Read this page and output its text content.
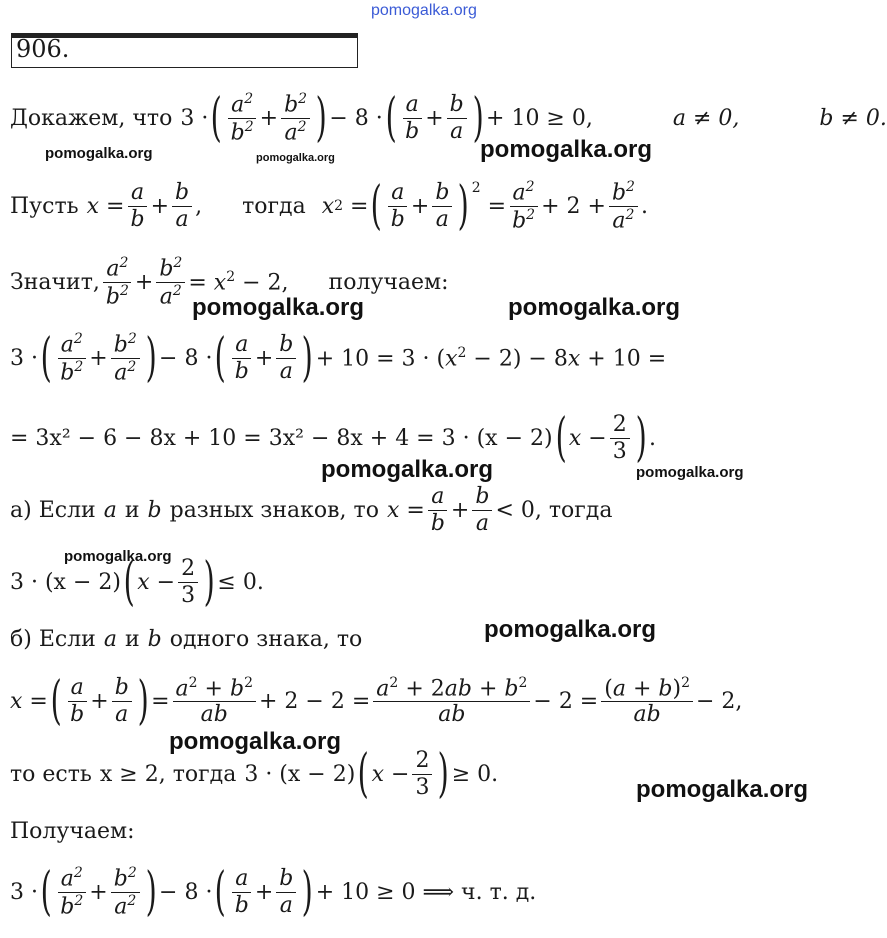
pomogalka.org
pomogalka.org	pomogalka.org	pomogalka.org
pomogalka.org	pomogalka.org
pomogalka.org	pomogalka.org
pomogalka.org
pomogalka.org
pomogalka.org
pomogalka.org
906.
Докажем, что 3 · ( $\frac{a^2}{b^2} + \frac{b^2}{a^2}$ ) − 8 · ( $\frac{a}{b} + \frac{b}{a}$ ) + 10 ≥ 0,	a ≠ 0,	b ≠ 0.
Пусть $x = \frac{a}{b} + \frac{b}{a}$ , тогда x 2 = ( $\frac{a}{b} + \frac{b}{a} )^2$
= $\frac{a^2}{b^2} + 2 + \frac{b^2}{a^2}$ .
Значит, $\frac{a^2}{b^2} + \frac{b^2}{a^2} = x^2 - 2$, получаем:
3 · ( $\frac{a^2}{b^2} + \frac{b^2}{a^2}$ ) − 8 · ( $\frac{a}{b} + \frac{b}{a}$ ) + $10 = 3 \cdot (x^2 - 2) - 8x + 10$ =
= 3x² − 6 − 8x + 10 = 3x² − 8x + 4 = 3 · (x − 2) ( $x - \frac{2}{3}$ ) .
а) Если a и b разных знаков, то $x = \frac{a}{b} + \frac{b}{a} < 0$, тогда
3 · (x − 2) ( $x - \frac{2}{3}$ ) ≤ 0.
б) Если a и b одного знака, то
x = ( $\frac{a}{b} + \frac{b}{a}$ ) = $\frac{a^2 + b^2}{ab} + 2 - 2 = \frac{a^2 + 2ab + b^2}{ab} - 2 = \frac{(a + b)^2}{ab} - 2$,
то есть x ≥ 2, тогда 3 · (x − 2) ( $x - \frac{2}{3}$ ) ≥ 0.
Получаем:
3 · ( $\frac{a^2}{b^2} + \frac{b^2}{a^2}$ ) − 8 · ( $\frac{a}{b} + \frac{b}{a}$ ) + 10 ≥ 0 ⟹ ч. т. д.
